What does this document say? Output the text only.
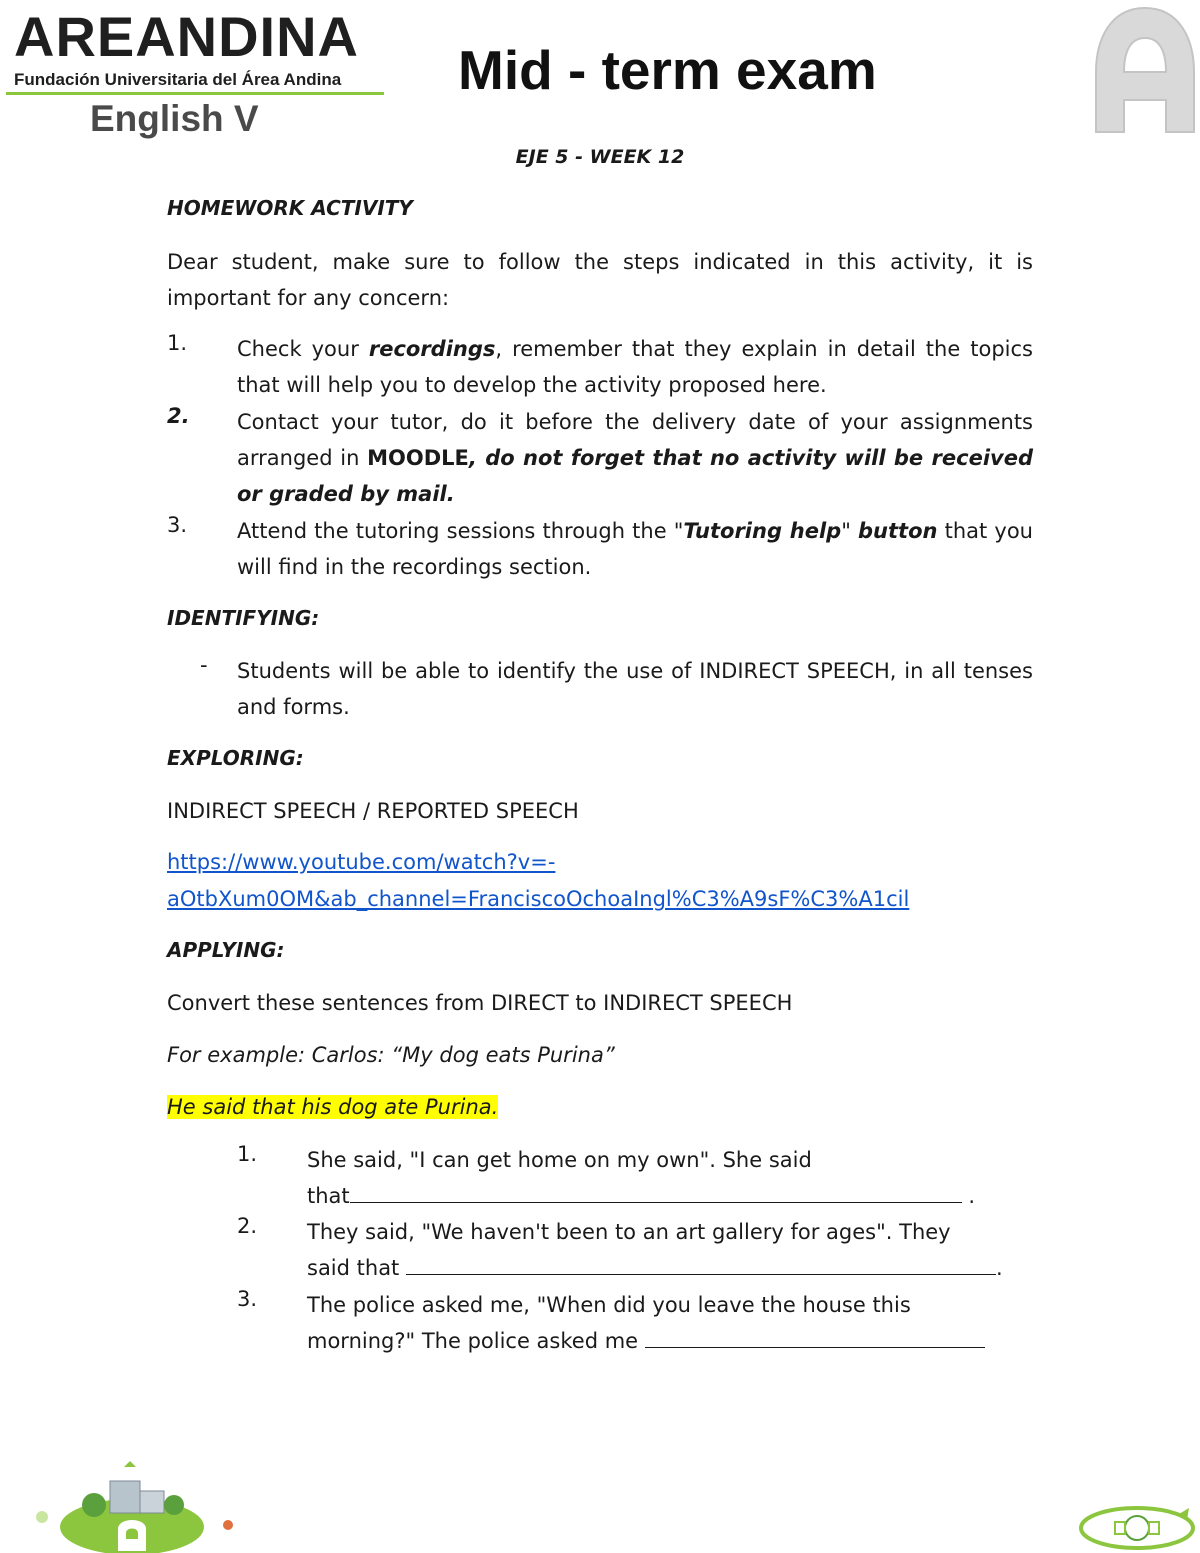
AREANDINA
Fundación Universitaria del Área Andina
English V
Mid - term exam
EJE 5 - WEEK 12
HOMEWORK ACTIVITY
Dear student, make sure to follow the steps indicated in this activity, it is important for any concern:
1. Check your recordings, remember that they explain in detail the topics that will help you to develop the activity proposed here.
2. Contact your tutor, do it before the delivery date of your assignments arranged in MOODLE, do not forget that no activity will be received or graded by mail.
3. Attend the tutoring sessions through the "Tutoring help" button that you will find in the recordings section.
IDENTIFYING:
- Students will be able to identify the use of INDIRECT SPEECH, in all tenses and forms.
EXPLORING:
INDIRECT SPEECH / REPORTED SPEECH
https://www.youtube.com/watch?v=-
aOtbXum0OM&ab_channel=FranciscoOchoaIngl%C3%A9sF%C3%A1cil
APPLYING:
Convert these sentences from DIRECT to INDIRECT SPEECH
For example: Carlos: “My dog eats Purina”
He said that his dog ate Purina.
1. She said, "I can get home on my own". She said
that	.
2. They said, "We haven't been to an art gallery for ages". They
said that	.
3. The police asked me, "When did you leave the house this
morning?" The police asked me
